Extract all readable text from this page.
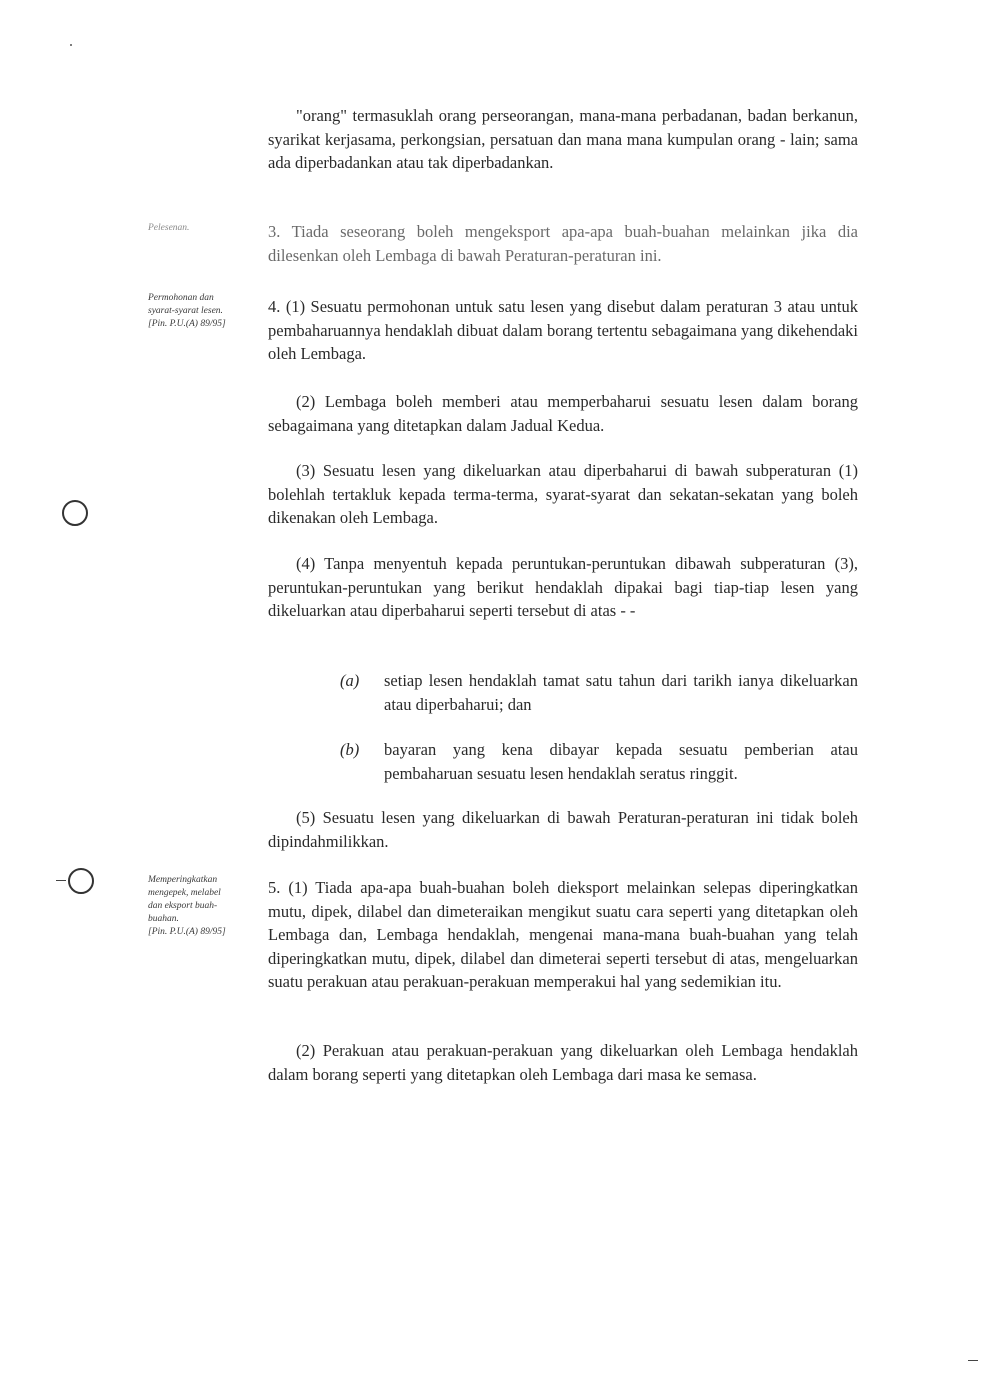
"orang" termasuklah orang perseorangan, mana-mana perbadanan, badan berkanun, syarikat kerjasama, perkongsian, persatuan dan mana mana kumpulan orang - lain; sama ada diperbadankan atau tak diperbadankan.
Pelesenan.	3. Tiada seseorang boleh mengeksport apa-apa buah-buahan melainkan jika dia dilesenkan oleh Lembaga di bawah Peraturan-peraturan ini.
Permohonan dan syarat-syarat lesen.
[Pin. P.U.(A) 89/95]
4. (1) Sesuatu permohonan untuk satu lesen yang disebut dalam peraturan 3 atau untuk pembaharuannya hendaklah dibuat dalam borang tertentu sebagaimana yang dikehendaki oleh Lembaga.
(2) Lembaga boleh memberi atau memperbaharui sesuatu lesen dalam borang sebagaimana yang ditetapkan dalam Jadual Kedua.
(3) Sesuatu lesen yang dikeluarkan atau diperbaharui di bawah subperaturan (1) bolehlah tertakluk kepada terma-terma, syarat-syarat dan sekatan-sekatan yang boleh dikenakan oleh Lembaga.
(4) Tanpa menyentuh kepada peruntukan-peruntukan dibawah subperaturan (3), peruntukan-peruntukan yang berikut hendaklah dipakai bagi tiap-tiap lesen yang dikeluarkan atau diperbaharui seperti tersebut di atas - -
(a) setiap lesen hendaklah tamat satu tahun dari tarikh ianya dikeluarkan atau diperbaharui; dan
(b) bayaran yang kena dibayar kepada sesuatu pemberian atau pembaharuan sesuatu lesen hendaklah seratus ringgit.
(5) Sesuatu lesen yang dikeluarkan di bawah Peraturan-peraturan ini tidak boleh dipindahmilikkan.
Memperingkatkan mengepek, melabel dan eksport buah-buahan.
[Pin. P.U.(A) 89/95]
5. (1) Tiada apa-apa buah-buahan boleh dieksport melainkan selepas diperingkatkan mutu, dipek, dilabel dan dimeteraikan mengikut suatu cara seperti yang ditetapkan oleh Lembaga dan, Lembaga hendaklah, mengenai mana-mana buah-buahan yang telah diperingkatkan mutu, dipek, dilabel dan dimeterai seperti tersebut di atas, mengeluarkan suatu perakuan atau perakuan-perakuan memperakui hal yang sedemikian itu.
(2) Perakuan atau perakuan-perakuan yang dikeluarkan oleh Lembaga hendaklah dalam borang seperti yang ditetapkan oleh Lembaga dari masa ke semasa.
